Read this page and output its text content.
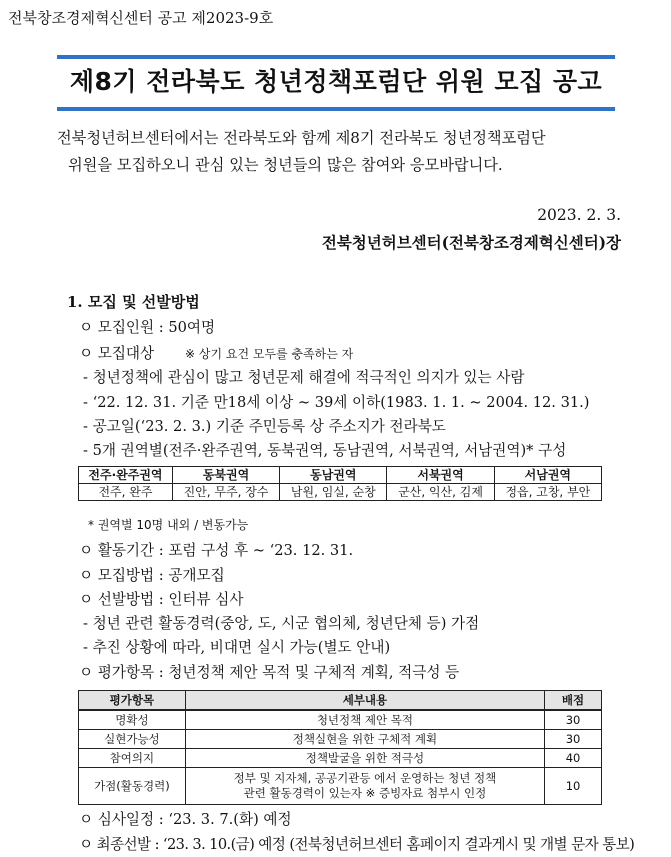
전북창조경제혁신센터 공고 제2023-9호
제8기 전라북도 청년정책포럼단 위원 모집 공고
전북청년허브센터에서는 전라북도와 함께 제8기 전라북도 청년정책포럼단
위원을 모집하오니 관심 있는 청년들의 많은 참여와 응모바랍니다.
2023. 2. 3.
전북청년허브센터(전북창조경제혁신센터)장
1. 모집 및 선발방법
ㅇ 모집인원 : 50여명
ㅇ 모집대상	※ 상기 요건 모두를 충족하는 자
- 청년정책에 관심이 많고 청년문제 해결에 적극적인 의지가 있는 사람
- ‘22. 12. 31. 기준 만18세 이상 ~ 39세 이하(1983. 1. 1. ~ 2004. 12. 31.)
- 공고일(‘23. 2. 3.) 기준 주민등록 상 주소지가 전라북도
- 5개 권역별(전주·완주권역, 동북권역, 동남권역, 서북권역, 서남권역)* 구성
전주·완주권역	동북권역	동남권역	서북권역	서남권역
전주, 완주	진안, 무주, 장수	남원, 임실, 순창	군산, 익산, 김제	정읍, 고창, 부안
* 권역별 10명 내외 / 변동가능
ㅇ 활동기간 : 포럼 구성 후 ~ ‘23. 12. 31.
ㅇ 모집방법 : 공개모집
ㅇ 선발방법 : 인터뷰 심사
- 청년 관련 활동경력(중앙, 도, 시군 협의체, 청년단체 등) 가점
- 추진 상황에 따라, 비대면 실시 가능(별도 안내)
ㅇ 평가항목 : 청년정책 제안 목적 및 구체적 계획, 적극성 등
평가항목	세부내용	배점
명확성	청년정책 제안 목적	30
실현가능성	정책실현을 위한 구체적 계획	30
참여의지	정책발굴을 위한 적극성	40
가점(활동경력)	정부 및 지자체, 공공기관등 에서 운영하는 청년 정책
관련 활동경력이 있는자 ※ 증빙자료 첨부시 인정	10
ㅇ 심사일정 : ‘23. 3. 7.(화) 예정
ㅇ 최종선발 : ‘23. 3. 10.(금) 예정 (전북청년허브센터 홈페이지 결과게시 및 개별 문자 통보)
